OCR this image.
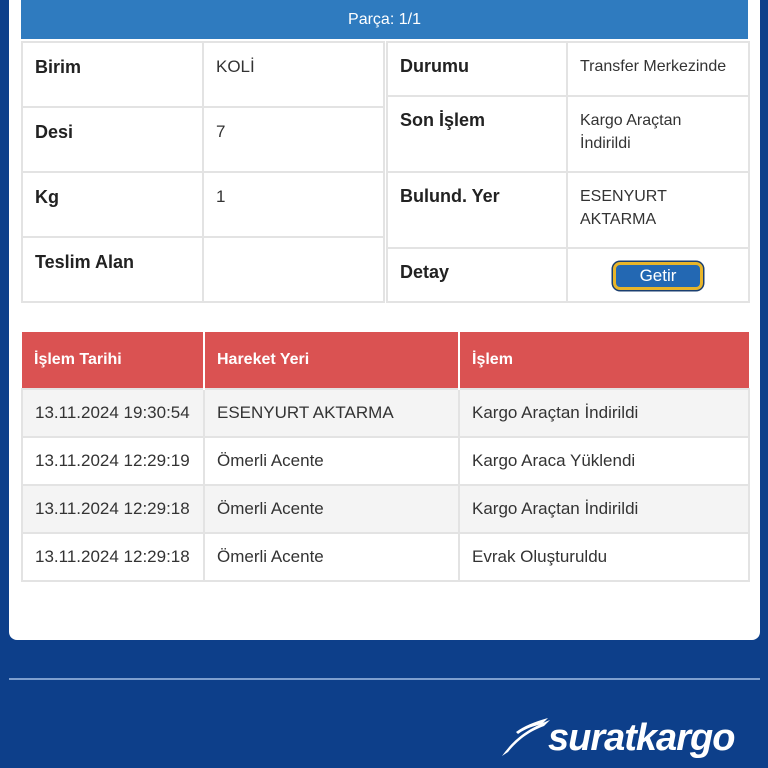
Parça: 1/1
Birim	KOLİ
Desi	7
Kg	1
Teslim Alan	
Durumu	Transfer Merkezinde
Son İşlem	Kargo Araçtan İndirildi
Bulund. Yer	ESENYURT AKTARMA
Detay	Getir
İşlem Tarihi	Hareket Yeri	İşlem
13.11.2024 19:30:54	ESENYURT AKTARMA	Kargo Araçtan İndirildi
13.11.2024 12:29:19	Ömerli Acente	Kargo Araca Yüklendi
13.11.2024 12:29:18	Ömerli Acente	Kargo Araçtan İndirildi
13.11.2024 12:29:18	Ömerli Acente	Evrak Oluşturuldu
suratkargo
